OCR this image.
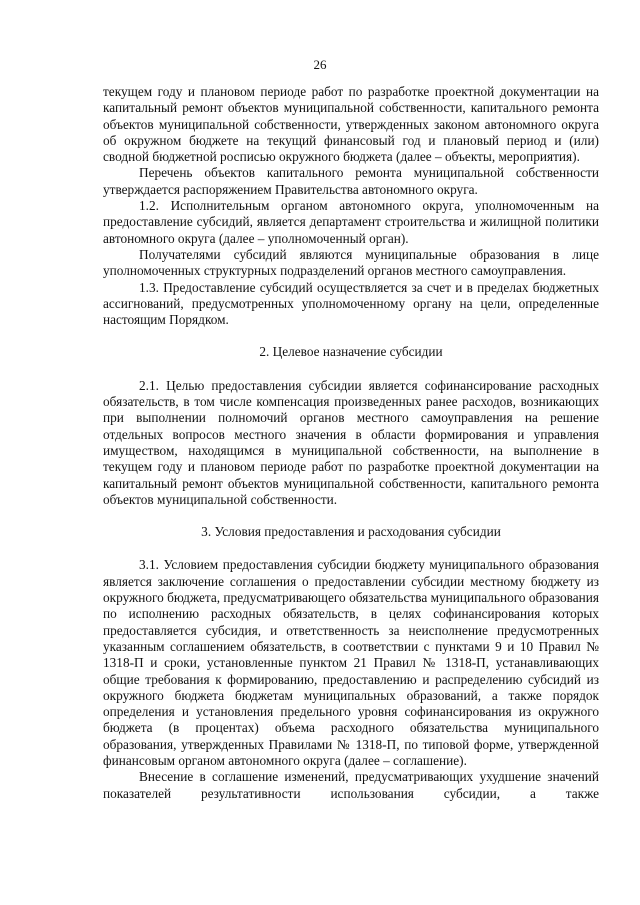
26

текущем году и плановом периоде работ по разработке проектной документации на капитальный ремонт объектов муниципальной собственности, капитального ремонта объектов муниципальной собственности, утвержденных законом автономного округа об окружном бюджете на текущий финансовый год и плановый период и (или) сводной бюджетной росписью окружного бюджета (далее – объекты, мероприятия).

Перечень объектов капитального ремонта муниципальной собственности утверждается распоряжением Правительства автономного округа.

1.2. Исполнительным органом автономного округа, уполномоченным на предоставление субсидий, является департамент строительства и жилищной политики автономного округа (далее – уполномоченный орган).

Получателями субсидий являются муниципальные образования в лице уполномоченных структурных подразделений органов местного самоуправления.

1.3. Предоставление субсидий осуществляется за счет и в пределах бюджетных ассигнований, предусмотренных уполномоченному органу на цели, определенные настоящим Порядком.

2. Целевое назначение субсидии

2.1. Целью предоставления субсидии является софинансирование расходных обязательств, в том числе компенсация произведенных ранее расходов, возникающих при выполнении полномочий органов местного самоуправления на решение отдельных вопросов местного значения в области формирования и управления имуществом, находящимся в муниципальной собственности, на выполнение в текущем году и плановом периоде работ по разработке проектной документации на капитальный ремонт объектов муниципальной собственности, капитального ремонта объектов муниципальной собственности.

3. Условия предоставления и расходования субсидии

3.1. Условием предоставления субсидии бюджету муниципального образования является заключение соглашения о предоставлении субсидии местному бюджету из окружного бюджета, предусматривающего обязательства муниципального образования по исполнению расходных обязательств, в целях софинансирования которых предоставляется субсидия, и ответственность за неисполнение предусмотренных указанным соглашением обязательств, в соответствии с пунктами 9 и 10 Правил № 1318-П и сроки, установленные пунктом 21 Правил № 1318-П, устанавливающих общие требования к формированию, предоставлению и распределению субсидий из окружного бюджета бюджетам муниципальных образований, а также порядок определения и установления предельного уровня софинансирования из окружного бюджета (в процентах) объема расходного обязательства муниципального образования, утвержденных Правилами № 1318-П, по типовой форме, утвержденной финансовым органом автономного округа (далее – соглашение).

Внесение в соглашение изменений, предусматривающих ухудшение значений показателей результативности использования субсидии, а также
